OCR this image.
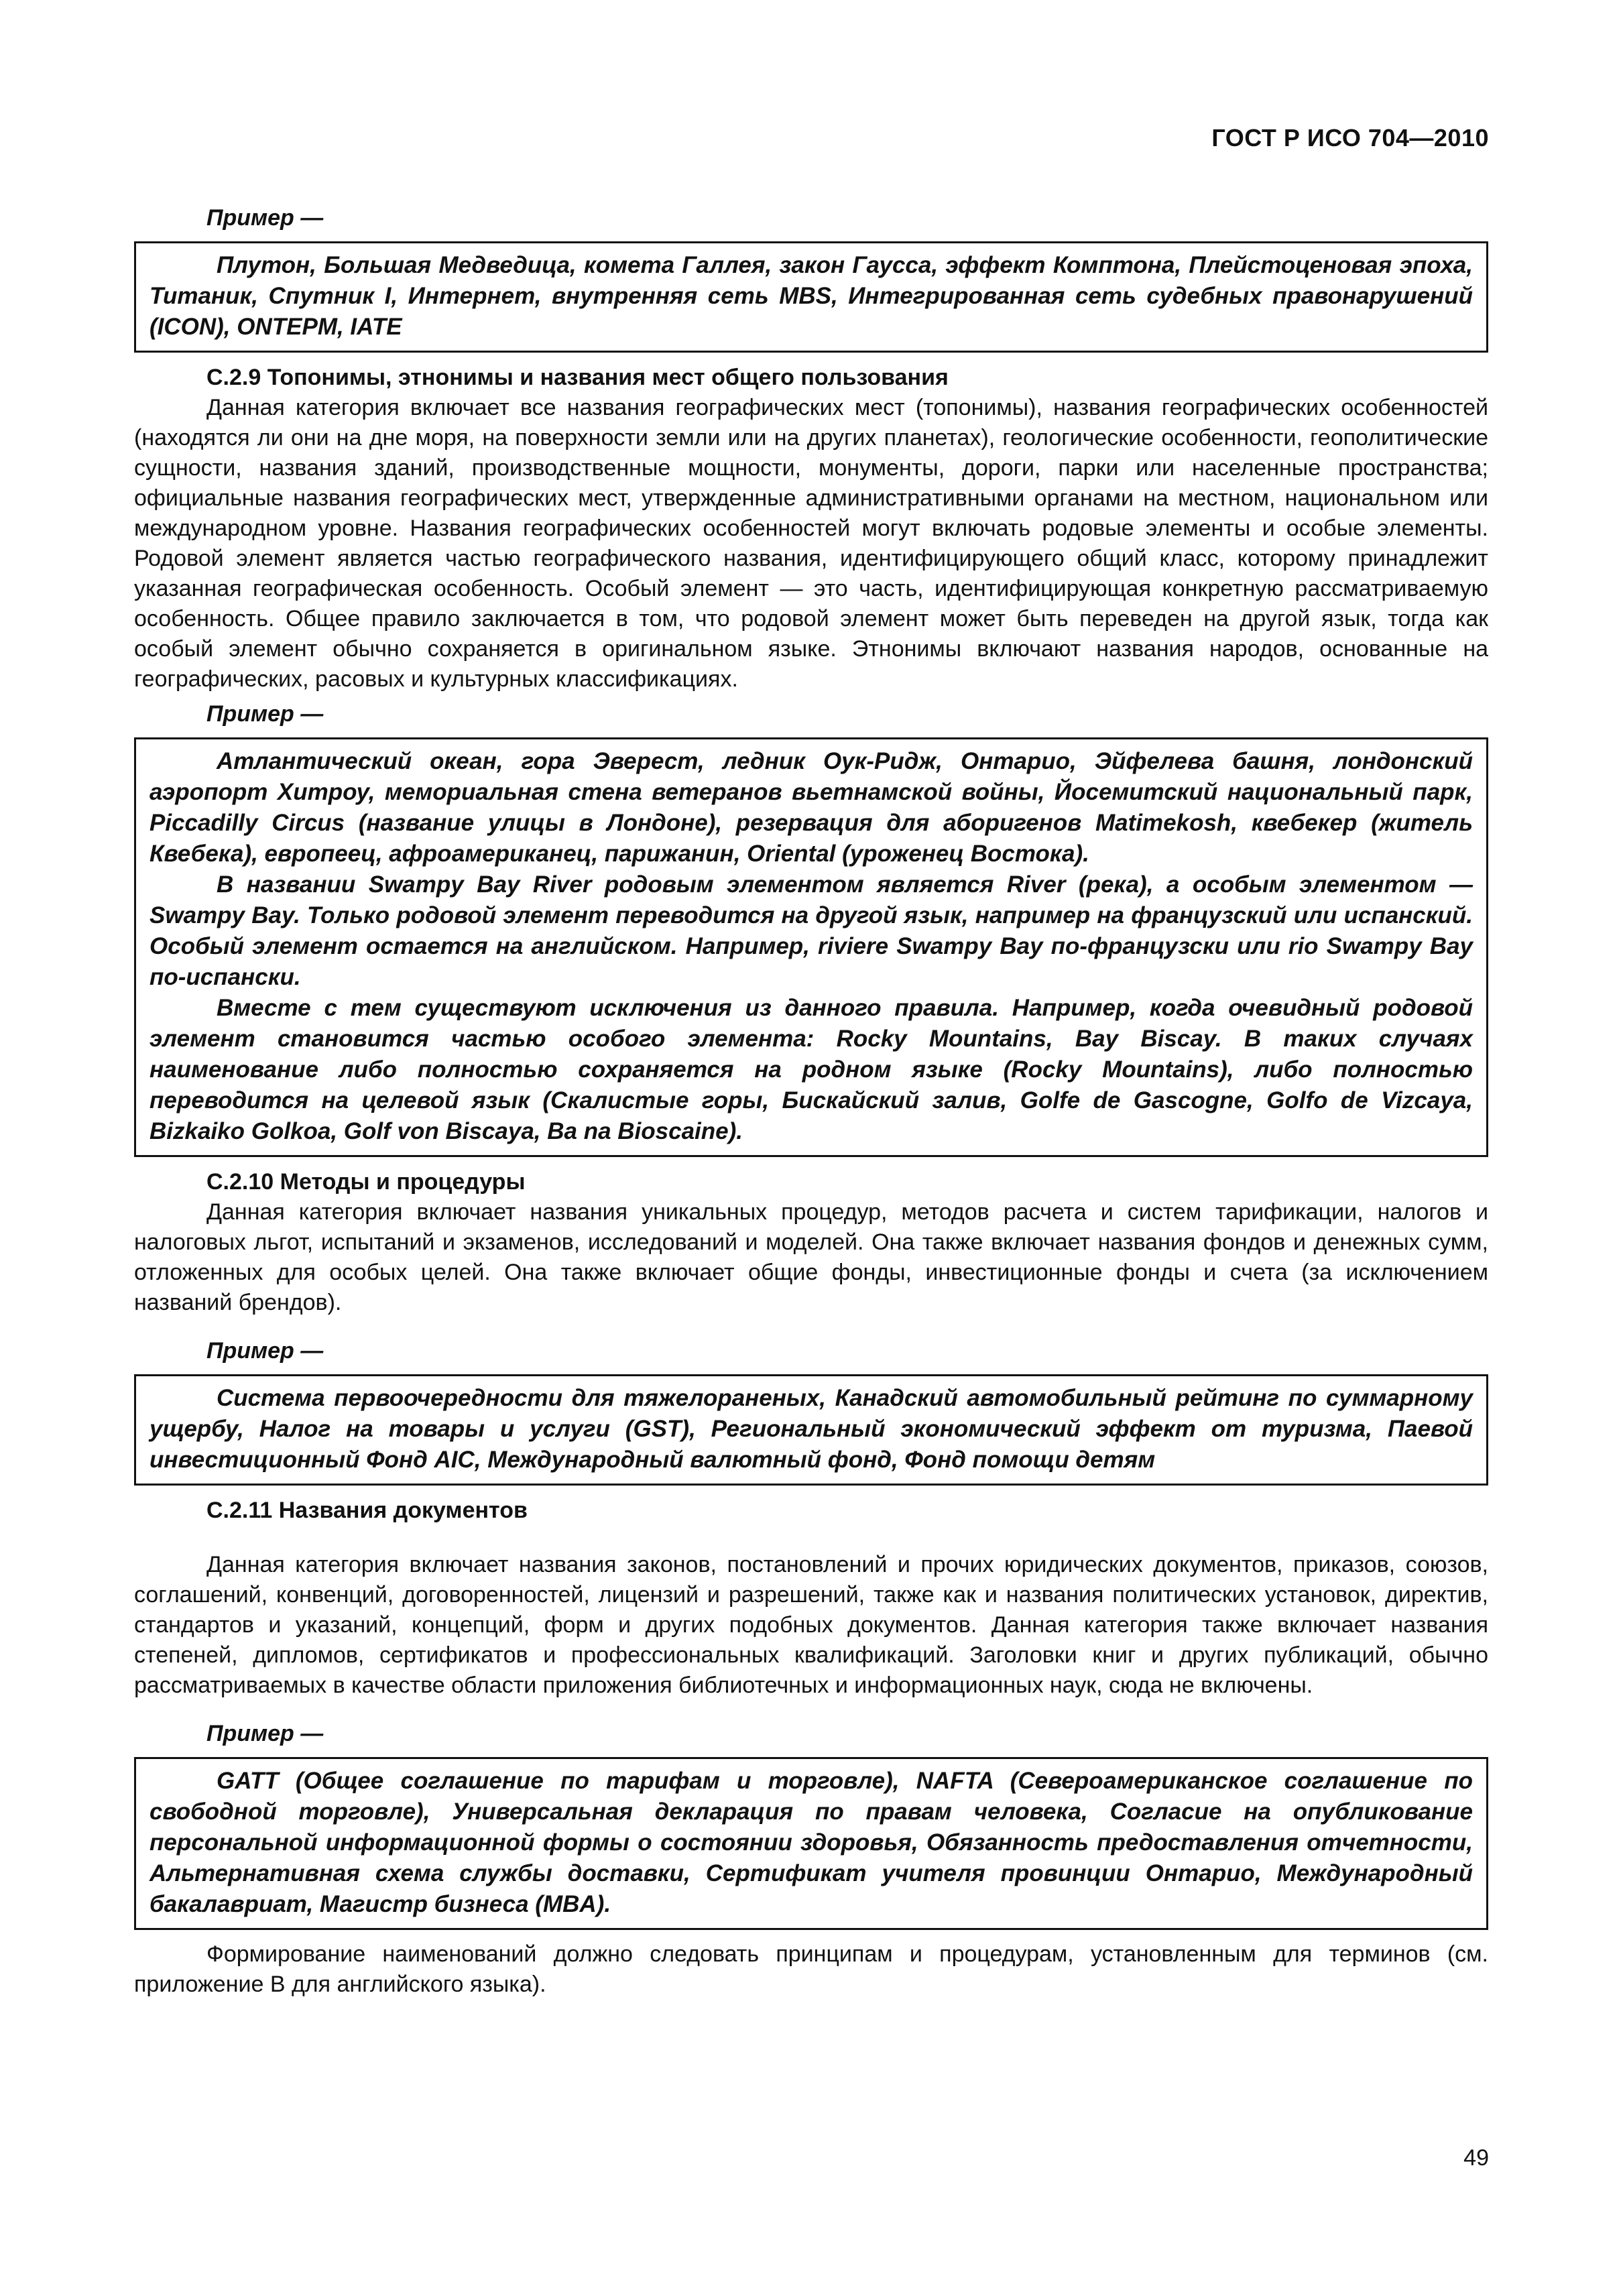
ГОСТ Р ИСО 704—2010
Пример —

Плутон, Большая Медведица, комета Галлея, закон Гаусса, эффект Комптона, Плейстоценовая эпоха, Титаник, Спутник I, Интернет, внутренняя сеть MBS, Интегрированная сеть судебных правонарушений (ICON), ONTEPM, IATE

С.2.9 Топонимы, этнонимы и названия мест общего пользования

Данная категория включает все названия географических мест (топонимы), названия географических особенностей (находятся ли они на дне моря, на поверхности земли или на других планетах), геологические особенности, геополитические сущности, названия зданий, производственные мощности, монументы, дороги, парки или населенные пространства; официальные названия географических мест, утвержденные административными органами на местном, национальном или международном уровне. Названия географических особенностей могут включать родовые элементы и особые элементы. Родовой элемент является частью географического названия, идентифицирующего общий класс, которому принадлежит указанная географическая особенность. Особый элемент — это часть, идентифицирующая конкретную рассматриваемую особенность. Общее правило заключается в том, что родовой элемент может быть переведен на другой язык, тогда как особый элемент обычно сохраняется в оригинальном языке. Этнонимы включают названия народов, основанные на географических, расовых и культурных классификациях.

Пример —

Атлантический океан, гора Эверест, ледник Оук-Ридж, Онтарио, Эйфелева башня, лондонский аэропорт Хитроу, мемориальная стена ветеранов вьетнамской войны, Йосемитский национальный парк, Piccadilly Circus (название улицы в Лондоне), резервация для аборигенов Matimekosh, квебекер (житель Квебека), европеец, афроамериканец, парижанин, Oriental (уроженец Востока).

В названии Swampy Bay River родовым элементом является River (река), а особым элементом —Swampy Bay. Только родовой элемент переводится на другой язык, например на французский или испанский. Особый элемент остается на английском. Например, riviere Swampy Bay по-французски или rio Swampy Bay по-испански.

Вместе с тем существуют исключения из данного правила. Например, когда очевидный родовой элемент становится частью особого элемента: Rocky Mountains, Bay Biscay. В таких случаях наименование либо полностью сохраняется на родном языке (Rocky Mountains), либо полностью переводится на целевой язык (Скалистые горы, Бискайский залив, Golfe de Gascogne, Golfo de Vizcaya, Bizkaiko Golkoa, Golf von Biscaya, Ba na Bioscaine).

С.2.10 Методы и процедуры

Данная категория включает названия уникальных процедур, методов расчета и систем тарификации, налогов и налоговых льгот, испытаний и экзаменов, исследований и моделей. Она также включает названия фондов и денежных сумм, отложенных для особых целей. Она также включает общие фонды, инвестиционные фонды и счета (за исключением названий брендов).

Пример —

Система первоочередности для тяжелораненых, Канадский автомобильный рейтинг по суммарному ущербу, Налог на товары и услуги (GST), Региональный экономический эффект от туризма, Паевой инвестиционный Фонд AIC, Международный валютный фонд, Фонд помощи детям

С.2.11 Названия документов

Данная категория включает названия законов, постановлений и прочих юридических документов, приказов, союзов, соглашений, конвенций, договоренностей, лицензий и разрешений, также как и названия политических установок, директив, стандартов и указаний, концепций, форм и других подобных документов. Данная категория также включает названия степеней, дипломов, сертификатов и профессиональных квалификаций. Заголовки книг и других публикаций, обычно рассматриваемых в качестве области приложения библиотечных и информационных наук, сюда не включены.

Пример —

GATT (Общее соглашение по тарифам и торговле), NAFTA (Североамериканское соглашение по свободной торговле), Универсальная декларация по правам человека, Согласие на опубликование персональной информационной формы о состоянии здоровья, Обязанность предоставления отчетности, Альтернативная схема службы доставки, Сертификат учителя провинции Онтарио, Международный бакалавриат, Магистр бизнеса (MBA).

Формирование наименований должно следовать принципам и процедурам, установленным для терминов (см. приложение В для английского языка).

49
